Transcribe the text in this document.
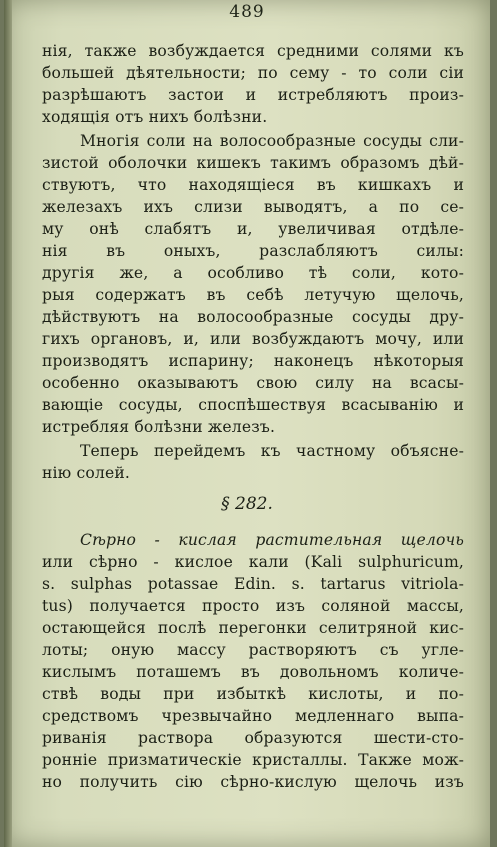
489
нія, также возбуждается средними солями къ
большей дѣятельности; по сему - то соли сіи
разрѣшаютъ застои и истребляютъ произ-
ходящія отъ нихъ болѣзни.
Многія соли на волосообразные сосуды сли-
зистой оболочки кишекъ такимъ образомъ дѣй-
ствуютъ, что находящіеся въ кишкахъ и
железахъ ихъ слизи выводятъ, а по се-
му онѣ слабятъ и, увеличивая отдѣле-
нія въ оныхъ, разслабляютъ силы:
другія же, а особливо тѣ соли, кото-
рыя содержатъ въ себѣ летучую щелочь,
дѣйствуютъ на волосообразные сосуды дру-
гихъ органовъ, и, или возбуждаютъ мочу, или
производятъ испарину; наконецъ нѣкоторыя
особенно оказываютъ свою силу на всасы-
вающіе сосуды, споспѣшествуя всасыванію и
истребляя болѣзни железъ.
Теперь перейдемъ къ частному объясне-
нію солей.
§ 282.
Сѣрно - кислая растительная щелочь
или сѣрно - кислое кали (Kali sulphuricum,
s. sulphas potassae Edin. s. tartarus vitriola-
tus) получается просто изъ соляной массы,
остающейся послѣ перегонки селитряной кис-
лоты; оную массу растворяютъ съ угле-
кислымъ поташемъ въ довольномъ количе-
ствѣ воды при избыткѣ кислоты, и по-
средствомъ чрезвычайно медленнаго выпа-
риванія раствора образуются шести-сто-
ронніе призматическіе кристаллы. Также мож-
но получить сію сѣрно-кислую щелочь изъ
